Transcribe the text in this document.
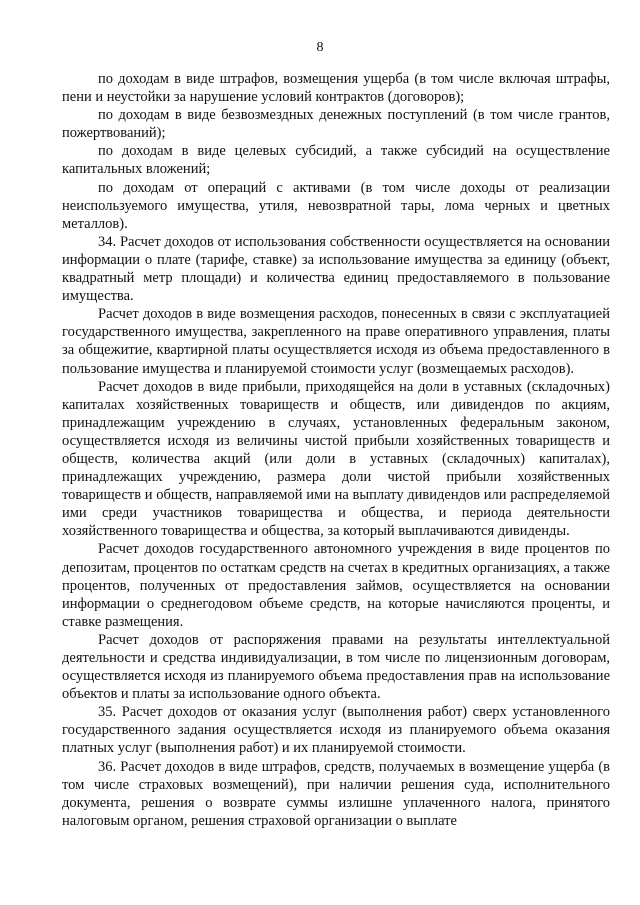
8

по доходам в виде штрафов, возмещения ущерба (в том числе включая штрафы, пени и неустойки за нарушение условий контрактов (договоров);

по доходам в виде безвозмездных денежных поступлений (в том числе грантов, пожертвований);

по доходам в виде целевых субсидий, а также субсидий на осуществление капитальных вложений;

по доходам от операций с активами (в том числе доходы от реализации неиспользуемого имущества, утиля, невозвратной тары, лома черных и цветных металлов).

34. Расчет доходов от использования собственности осуществляется на основании информации о плате (тарифе, ставке) за использование имущества за единицу (объект, квадратный метр площади) и количества единиц предоставляемого в пользование имущества.

Расчет доходов в виде возмещения расходов, понесенных в связи с эксплуатацией государственного имущества, закрепленного на праве оперативного управления, платы за общежитие, квартирной платы осуществляется исходя из объема предоставленного в пользование имущества и планируемой стоимости услуг (возмещаемых расходов).

Расчет доходов в виде прибыли, приходящейся на доли в уставных (складочных) капиталах хозяйственных товариществ и обществ, или дивидендов по акциям, принадлежащим учреждению в случаях, установленных федеральным законом, осуществляется исходя из величины чистой прибыли хозяйственных товариществ и обществ, количества акций (или доли в уставных (складочных) капиталах), принадлежащих учреждению, размера доли чистой прибыли хозяйственных товариществ и обществ, направляемой ими на выплату дивидендов или распределяемой ими среди участников товарищества и общества, и периода деятельности хозяйственного товарищества и общества, за который выплачиваются дивиденды.

Расчет доходов государственного автономного учреждения в виде процентов по депозитам, процентов по остаткам средств на счетах в кредитных организациях, а также процентов, полученных от предоставления займов, осуществляется на основании информации о среднегодовом объеме средств, на которые начисляются проценты, и ставке размещения.

Расчет доходов от распоряжения правами на результаты интеллектуальной деятельности и средства индивидуализации, в том числе по лицензионным договорам, осуществляется исходя из планируемого объема предоставления прав на использование объектов и платы за использование одного объекта.

35. Расчет доходов от оказания услуг (выполнения работ) сверх установленного государственного задания осуществляется исходя из планируемого объема оказания платных услуг (выполнения работ) и их планируемой стоимости.

36. Расчет доходов в виде штрафов, средств, получаемых в возмещение ущерба (в том числе страховых возмещений), при наличии решения суда, исполнительного документа, решения о возврате суммы излишне уплаченного налога, принятого налоговым органом, решения страховой организации о выплате
